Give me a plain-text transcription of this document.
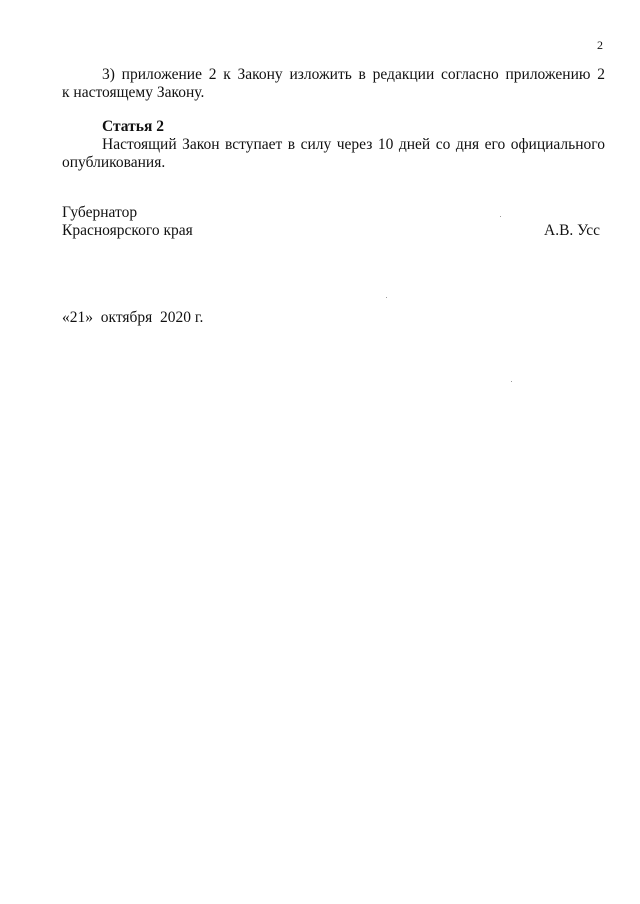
2
3) приложение 2 к Закону изложить в редакции согласно приложению 2
к настоящему Закону.
Статья 2
Настоящий Закон вступает в силу через 10 дней со дня его официального
опубликования.
Губернатор
Красноярского края	А.В. Усс
«21»  октября  2020 г.
